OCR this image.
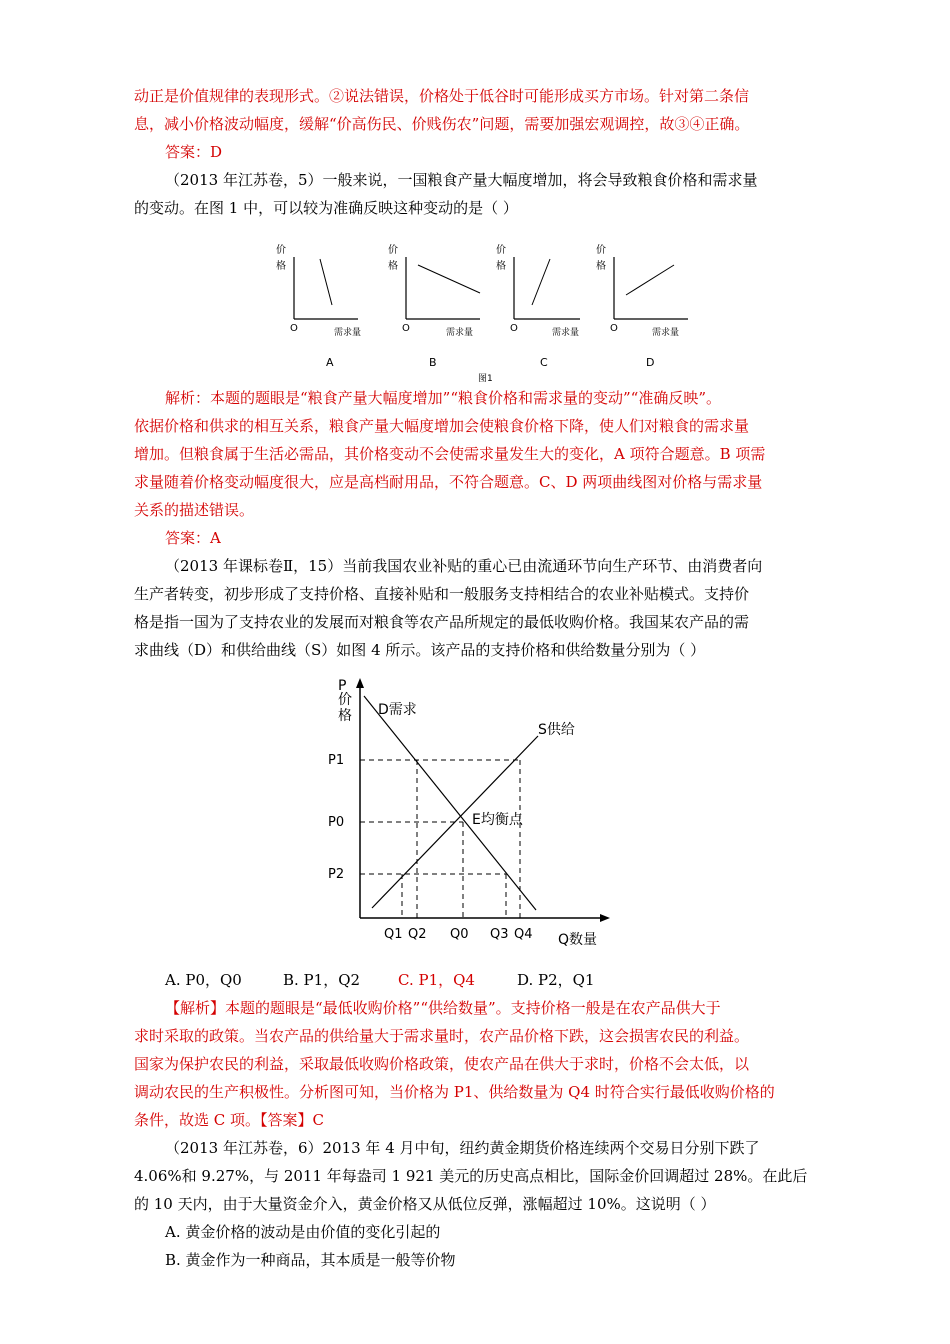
动正是价值规律的表现形式。②说法错误，价格处于低谷时可能形成买方市场。针对第二条信
息，减小价格波动幅度，缓解“价高伤民、价贱伤农”问题，需要加强宏观调控，故③④正确。
答案：D
（2013 年江苏卷，5）一般来说，一国粮食产量大幅度增加，将会导致粮食价格和需求量
的变动。在图 1 中，可以较为准确反映这种变动的是（ ）
价
格
O	需求量
A
价
格
O	需求量
B
价
格
O	需求量
C
价
格
O	需求量
D
图1
解析：本题的题眼是“粮食产量大幅度增加”“粮食价格和需求量的变动”“准确反映”。
依据价格和供求的相互关系，粮食产量大幅度增加会使粮食价格下降，使人们对粮食的需求量
增加。但粮食属于生活必需品，其价格变动不会使需求量发生大的变化，A 项符合题意。B 项需
求量随着价格变动幅度很大，应是高档耐用品，不符合题意。C、D 两项曲线图对价格与需求量
关系的描述错误。
答案：A
（2013 年课标卷Ⅱ，15）当前我国农业补贴的重心已由流通环节向生产环节、由消费者向
生产者转变，初步形成了支持价格、直接补贴和一般服务支持相结合的农业补贴模式。支持价
格是指一国为了支持农业的发展而对粮食等农产品所规定的最低收购价格。我国某农产品的需
求曲线（D）和供给曲线（S）如图 4 所示。该产品的支持价格和供给数量分别为（ ）
P
价
格
Q数量
D需求
S供给
E均衡点
P1
P0
P2
Q1 Q2 Q0 Q3 Q4
A. P0，Q0	B. P1，Q2	C. P1，Q4	D. P2，Q1
【解析】本题的题眼是“最低收购价格”“供给数量”。支持价格一般是在农产品供大于
求时采取的政策。当农产品的供给量大于需求量时，农产品价格下跌，这会损害农民的利益。
国家为保护农民的利益，采取最低收购价格政策，使农产品在供大于求时，价格不会太低，以
调动农民的生产积极性。分析图可知，当价格为 P1、供给数量为 Q4 时符合实行最低收购价格的
条件，故选 C 项。【答案】C
（2013 年江苏卷，6）2013 年 4 月中旬，纽约黄金期货价格连续两个交易日分别下跌了
4.06%和 9.27%，与 2011 年每盎司 1 921 美元的历史高点相比，国际金价回调超过 28%。在此后
的 10 天内，由于大量资金介入，黄金价格又从低位反弹，涨幅超过 10%。这说明（ ）
A. 黄金价格的波动是由价值的变化引起的
B. 黄金作为一种商品，其本质是一般等价物
